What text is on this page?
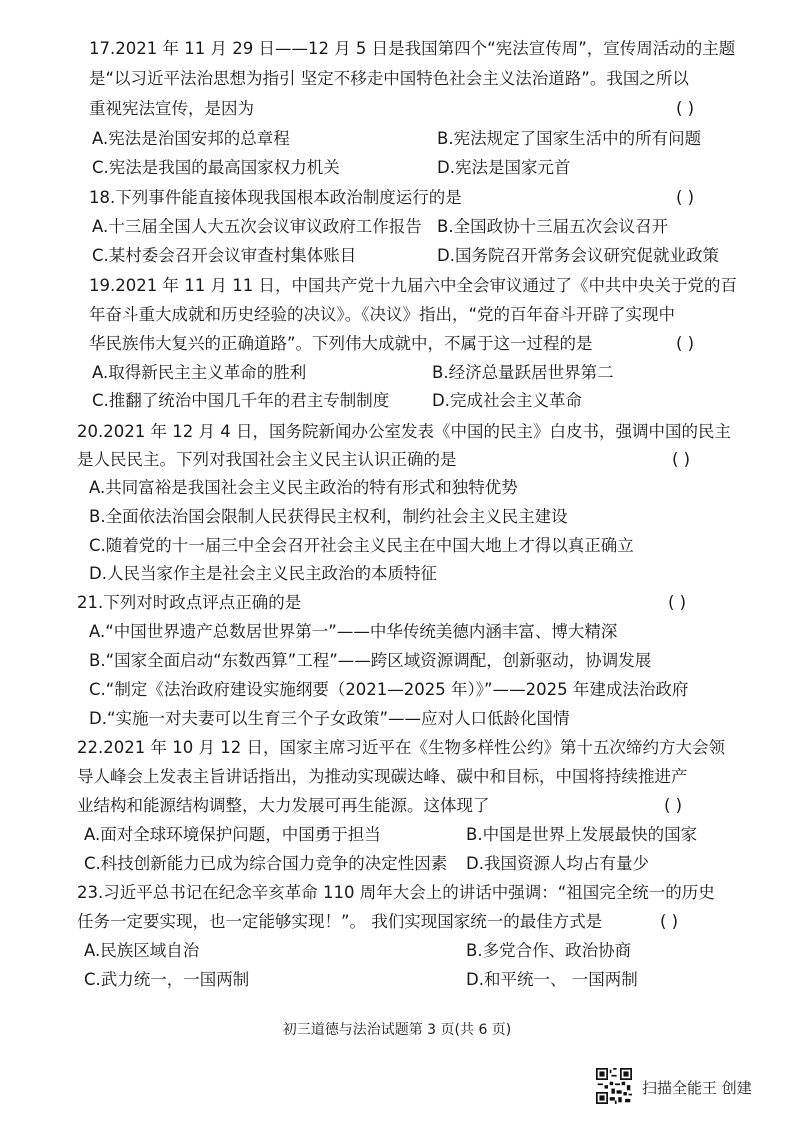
17.2021 年 11 月 29 日——12 月 5 日是我国第四个“宪法宣传周”，宣传周活动的主题
是“以习近平法治思想为指引 坚定不移走中国特色社会主义法治道路”。我国之所以
重视宪法宣传，是因为	( )
A.宪法是治国安邦的总章程	B.宪法规定了国家生活中的所有问题
C.宪法是我国的最高国家权力机关	D.宪法是国家元首
18.下列事件能直接体现我国根本政治制度运行的是	( )
A.十三届全国人大五次会议审议政府工作报告 B.全国政协十三届五次会议召开
C.某村委会召开会议审查村集体账目	D.国务院召开常务会议研究促就业政策
19.2021 年 11 月 11 日，中国共产党十九届六中全会审议通过了《中共中央关于党的百
年奋斗重大成就和历史经验的决议》。《决议》指出，“党的百年奋斗开辟了实现中
华民族伟大复兴的正确道路”。下列伟大成就中，不属于这一过程的是	( )
A.取得新民主主义革命的胜利	B.经济总量跃居世界第二
C.推翻了统治中国几千年的君主专制制度	D.完成社会主义革命
20.2021 年 12 月 4 日，国务院新闻办公室发表《中国的民主》白皮书，强调中国的民主
是人民民主。下列对我国社会主义民主认识正确的是	( )
A.共同富裕是我国社会主义民主政治的特有形式和独特优势
B.全面依法治国会限制人民获得民主权利，制约社会主义民主建设
C.随着党的十一届三中全会召开社会主义民主在中国大地上才得以真正确立
D.人民当家作主是社会主义民主政治的本质特征
21.下列对时政点评点正确的是	( )
A.“中国世界遗产总数居世界第一”——中华传统美德内涵丰富、博大精深
B.“国家全面启动“东数西算”工程”——跨区域资源调配，创新驱动，协调发展
C.“制定《法治政府建设实施纲要（2021—2025 年）》”——2025 年建成法治政府
D.“实施一对夫妻可以生育三个子女政策”——应对人口低龄化国情
22.2021 年 10 月 12 日，国家主席习近平在《生物多样性公约》第十五次缔约方大会领
导人峰会上发表主旨讲话指出，为推动实现碳达峰、碳中和目标，中国将持续推进产
业结构和能源结构调整，大力发展可再生能源。这体现了	( )
A.面对全球环境保护问题，中国勇于担当	B.中国是世界上发展最快的国家
C.科技创新能力已成为综合国力竞争的决定性因素 D.我国资源人均占有量少
23.习近平总书记在纪念辛亥革命 110 周年大会上的讲话中强调：“祖国完全统一的历史
任务一定要实现，也一定能够实现！”。 我们实现国家统一的最佳方式是	( )
A.民族区域自治	B.多党合作、政治协商
C.武力统一，一国两制	D.和平统一、 一国两制
初三道德与法治试题第 3 页(共 6 页)
扫描全能王 创建
